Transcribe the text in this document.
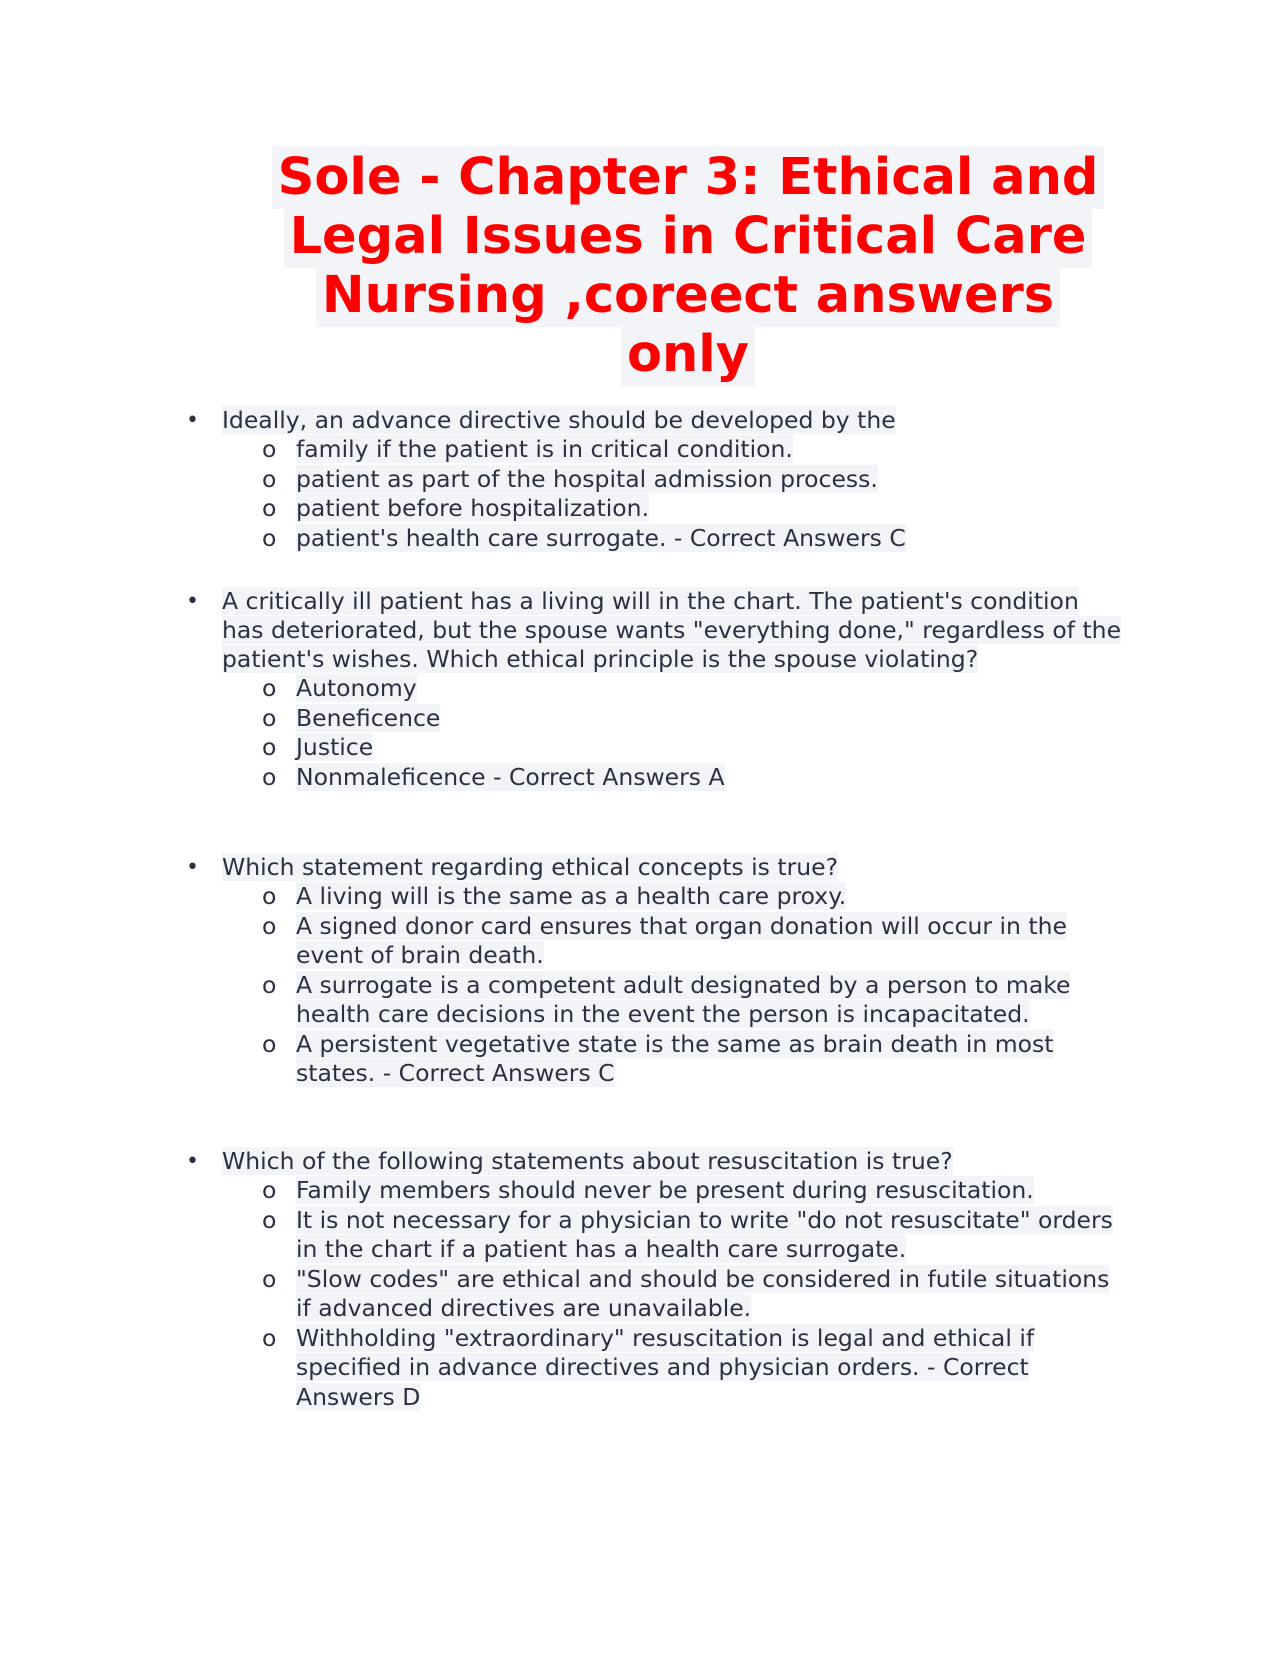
Sole - Chapter 3: Ethical and Legal Issues in Critical Care Nursing ,coreect answers only
• Ideally, an advance directive should be developed by the
o family if the patient is in critical condition.
o patient as part of the hospital admission process.
o patient before hospitalization.
o patient's health care surrogate. - Correct Answers C
• A critically ill patient has a living will in the chart. The patient's condition has deteriorated, but the spouse wants "everything done," regardless of the patient's wishes. Which ethical principle is the spouse violating?
o Autonomy
o Beneficence
o Justice
o Nonmaleficence - Correct Answers A
• Which statement regarding ethical concepts is true?
o A living will is the same as a health care proxy.
o A signed donor card ensures that organ donation will occur in the event of brain death.
o A surrogate is a competent adult designated by a person to make health care decisions in the event the person is incapacitated.
o A persistent vegetative state is the same as brain death in most states. - Correct Answers C
• Which of the following statements about resuscitation is true?
o Family members should never be present during resuscitation.
o It is not necessary for a physician to write "do not resuscitate" orders in the chart if a patient has a health care surrogate.
o "Slow codes" are ethical and should be considered in futile situations if advanced directives are unavailable.
o Withholding "extraordinary" resuscitation is legal and ethical if specified in advance directives and physician orders. - Correct Answers D
